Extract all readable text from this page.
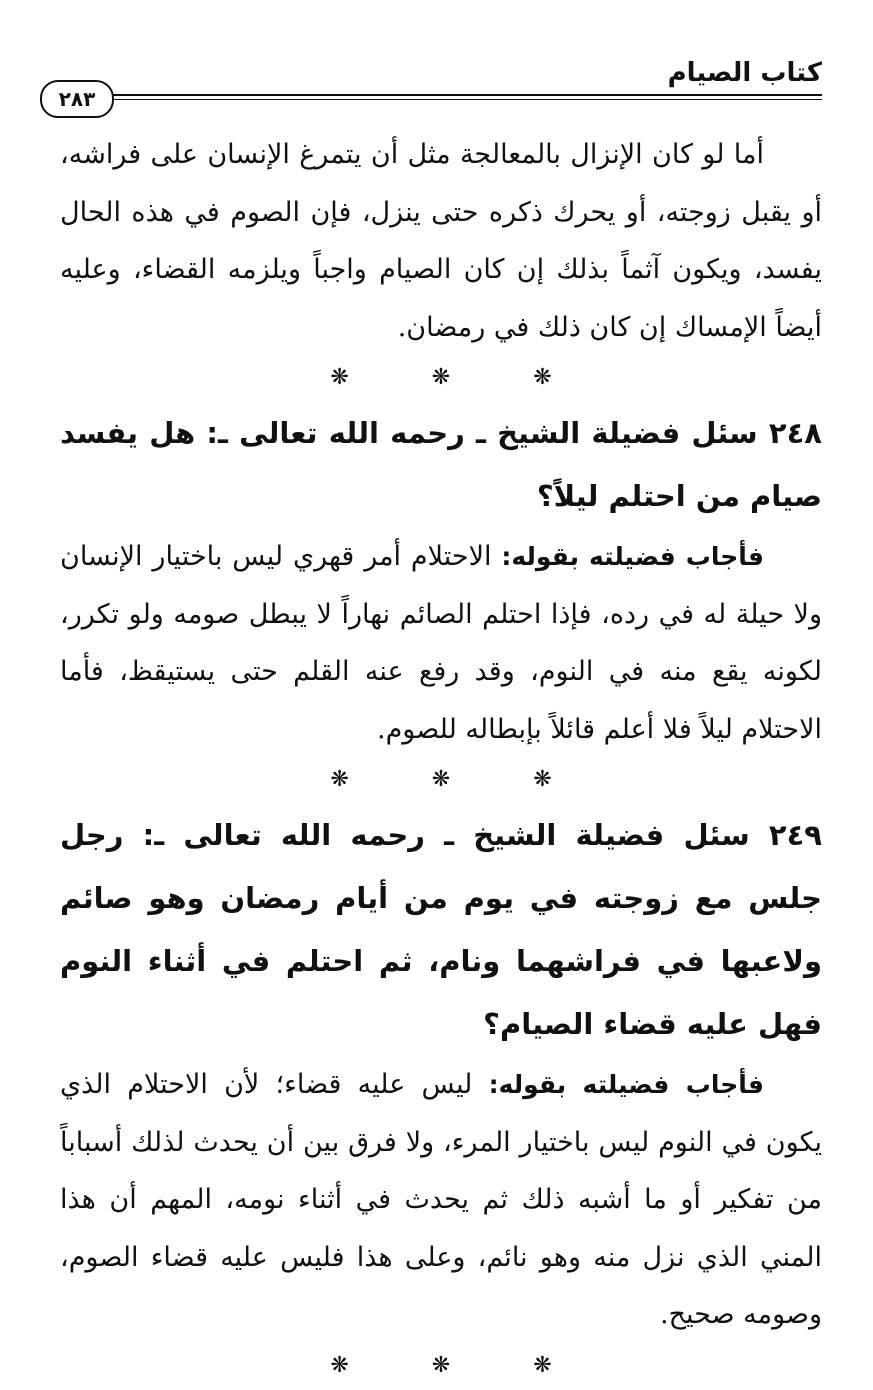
كتاب الصيام
٢٨٣

أما لو كان الإنزال بالمعالجة مثل أن يتمرغ الإنسان على فراشه، أو يقبل زوجته، أو يحرك ذكره حتى ينزل، فإن الصوم في هذه الحال يفسد، ويكون آثماً بذلك إن كان الصيام واجباً ويلزمه القضاء، وعليه أيضاً الإمساك إن كان ذلك في رمضان.

❋ ❋ ❋

٢٤٨ سئل فضيلة الشيخ ـ رحمه الله تعالى ـ: هل يفسد صيام من احتلم ليلاً؟

فأجاب فضيلته بقوله: الاحتلام أمر قهري ليس باختيار الإنسان ولا حيلة له في رده، فإذا احتلم الصائم نهاراً لا يبطل صومه ولو تكرر، لكونه يقع منه في النوم، وقد رفع عنه القلم حتى يستيقظ، فأما الاحتلام ليلاً فلا أعلم قائلاً بإبطاله للصوم.

❋ ❋ ❋

٢٤٩ سئل فضيلة الشيخ ـ رحمه الله تعالى ـ: رجل جلس مع زوجته في يوم من أيام رمضان وهو صائم ولاعبها في فراشهما ونام، ثم احتلم في أثناء النوم فهل عليه قضاء الصيام؟

فأجاب فضيلته بقوله: ليس عليه قضاء؛ لأن الاحتلام الذي يكون في النوم ليس باختيار المرء، ولا فرق بين أن يحدث لذلك أسباباً من تفكير أو ما أشبه ذلك ثم يحدث في أثناء نومه، المهم أن هذا المني الذي نزل منه وهو نائم، وعلى هذا فليس عليه قضاء الصوم، وصومه صحيح.

❋ ❋ ❋
